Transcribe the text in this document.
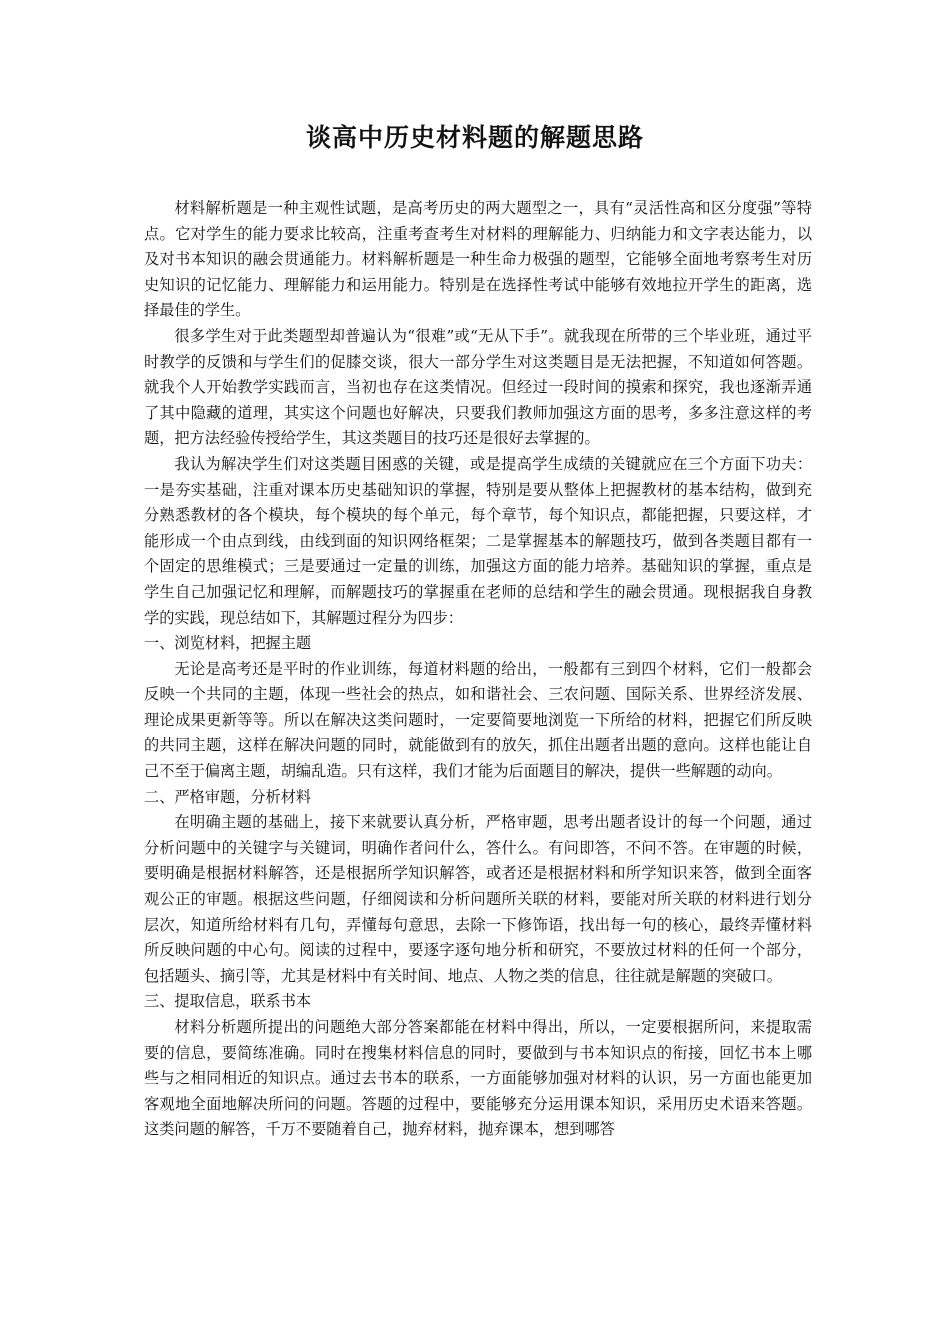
谈高中历史材料题的解题思路

材料解析题是一种主观性试题，是高考历史的两大题型之一，具有“灵活性高和区分度强”等特点。它对学生的能力要求比较高，注重考查考生对材料的理解能力、归纳能力和文字表达能力，以及对书本知识的融会贯通能力。材料解析题是一种生命力极强的题型，它能够全面地考察考生对历史知识的记忆能力、理解能力和运用能力。特别是在选择性考试中能够有效地拉开学生的距离，选择最佳的学生。

很多学生对于此类题型却普遍认为“很难”或“无从下手”。就我现在所带的三个毕业班，通过平时教学的反馈和与学生们的促膝交谈，很大一部分学生对这类题目是无法把握，不知道如何答题。就我个人开始教学实践而言，当初也存在这类情况。但经过一段时间的摸索和探究，我也逐渐弄通了其中隐藏的道理，其实这个问题也好解决，只要我们教师加强这方面的思考，多多注意这样的考题，把方法经验传授给学生，其这类题目的技巧还是很好去掌握的。

我认为解决学生们对这类题目困惑的关键，或是提高学生成绩的关键就应在三个方面下功夫：一是夯实基础，注重对课本历史基础知识的掌握，特别是要从整体上把握教材的基本结构，做到充分熟悉教材的各个模块，每个模块的每个单元，每个章节，每个知识点，都能把握，只要这样，才能形成一个由点到线，由线到面的知识网络框架；二是掌握基本的解题技巧，做到各类题目都有一个固定的思维模式；三是要通过一定量的训练，加强这方面的能力培养。基础知识的掌握，重点是学生自己加强记忆和理解，而解题技巧的掌握重在老师的总结和学生的融会贯通。现根据我自身教学的实践，现总结如下，其解题过程分为四步：

一、浏览材料，把握主题

无论是高考还是平时的作业训练，每道材料题的给出，一般都有三到四个材料，它们一般都会反映一个共同的主题，体现一些社会的热点，如和谐社会、三农问题、国际关系、世界经济发展、理论成果更新等等。所以在解决这类问题时，一定要简要地浏览一下所给的材料，把握它们所反映的共同主题，这样在解决问题的同时，就能做到有的放矢，抓住出题者出题的意向。这样也能让自己不至于偏离主题，胡编乱造。只有这样，我们才能为后面题目的解决，提供一些解题的动向。

二、严格审题，分析材料

在明确主题的基础上，接下来就要认真分析，严格审题，思考出题者设计的每一个问题，通过分析问题中的关键字与关键词，明确作者问什么，答什么。有问即答，不问不答。在审题的时候，要明确是根据材料解答，还是根据所学知识解答，或者还是根据材料和所学知识来答，做到全面客观公正的审题。根据这些问题，仔细阅读和分析问题所关联的材料，要能对所关联的材料进行划分层次，知道所给材料有几句，弄懂每句意思，去除一下修饰语，找出每一句的核心，最终弄懂材料所反映问题的中心句。阅读的过程中，要逐字逐句地分析和研究，不要放过材料的任何一个部分，包括题头、摘引等，尤其是材料中有关时间、地点、人物之类的信息，往往就是解题的突破口。

三、提取信息，联系书本

材料分析题所提出的问题绝大部分答案都能在材料中得出，所以，一定要根据所问，来提取需要的信息，要简练准确。同时在搜集材料信息的同时，要做到与书本知识点的衔接，回忆书本上哪些与之相同相近的知识点。通过去书本的联系，一方面能够加强对材料的认识，另一方面也能更加客观地全面地解决所问的问题。答题的过程中，要能够充分运用课本知识，采用历史术语来答题。这类问题的解答，千万不要随着自己，抛弃材料，抛弃课本，想到哪答
